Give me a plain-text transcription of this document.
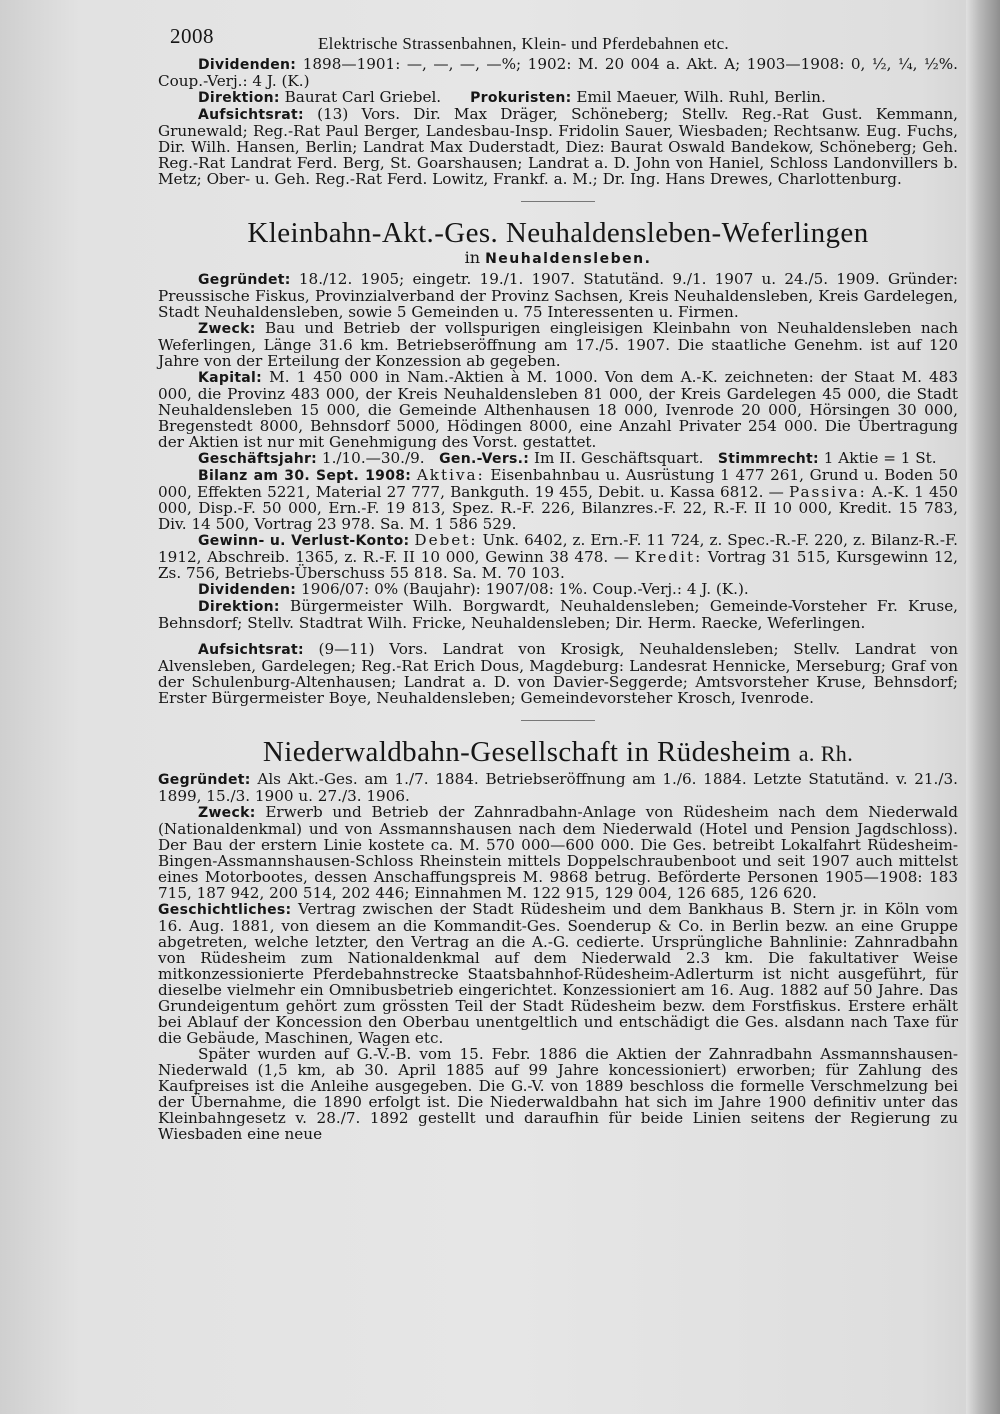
2008	Elektrische Strassenbahnen, Klein- und Pferdebahnen etc.

Dividenden: 1898—1901: —, —, —, —%; 1902: M. 20 004 a. Akt. A; 1903—1908: 0, ½, ¼, ½%. Coup.-Verj.: 4 J. (K.)

Direktion: Baurat Carl Griebel. Prokuristen: Emil Maeuer, Wilh. Ruhl, Berlin.

Aufsichtsrat: (13) Vors. Dir. Max Dräger, Schöneberg; Stellv. Reg.-Rat Gust. Kemmann, Grunewald; Reg.-Rat Paul Berger, Landesbau-Insp. Fridolin Sauer, Wiesbaden; Rechtsanw. Eug. Fuchs, Dir. Wilh. Hansen, Berlin; Landrat Max Duderstadt, Diez: Baurat Oswald Bandekow, Schöneberg; Geh. Reg.-Rat Landrat Ferd. Berg, St. Goarshausen; Landrat a. D. John von Haniel, Schloss Landonvillers b. Metz; Ober- u. Geh. Reg.-Rat Ferd. Lowitz, Frankf. a. M.; Dr. Ing. Hans Drewes, Charlottenburg.

Kleinbahn-Akt.-Ges. Neuhaldensleben-Weferlingen
in Neuhaldensleben.

Gegründet: 18./12. 1905; eingetr. 19./1. 1907. Statutänd. 9./1. 1907 u. 24./5. 1909. Gründer: Preussische Fiskus, Provinzialverband der Provinz Sachsen, Kreis Neuhaldensleben, Kreis Gardelegen, Stadt Neuhaldensleben, sowie 5 Gemeinden u. 75 Interessenten u. Firmen.

Zweck: Bau und Betrieb der vollspurigen eingleisigen Kleinbahn von Neuhaldensleben nach Weferlingen, Länge 31.6 km. Betriebseröffnung am 17./5. 1907. Die staatliche Genehm. ist auf 120 Jahre von der Erteilung der Konzession ab gegeben.

Kapital: M. 1 450 000 in Nam.-Aktien à M. 1000. Von dem A.-K. zeichneten: der Staat M. 483 000, die Provinz 483 000, der Kreis Neuhaldensleben 81 000, der Kreis Gardelegen 45 000, die Stadt Neuhaldensleben 15 000, die Gemeinde Althenhausen 18 000, Ivenrode 20 000, Hörsingen 30 000, Bregenstedt 8000, Behnsdorf 5000, Hödingen 8000, eine Anzahl Privater 254 000. Die Übertragung der Aktien ist nur mit Genehmigung des Vorst. gestattet.

Geschäftsjahr: 1./10.—30./9. Gen.-Vers.: Im II. Geschäftsquart. Stimmrecht: 1 Aktie = 1 St.

Bilanz am 30. Sept. 1908: Aktiva: Eisenbahnbau u. Ausrüstung 1 477 261, Grund u. Boden 50 000, Effekten 5221, Material 27 777, Bankguth. 19 455, Debit. u. Kassa 6812. — Passiva: A.-K. 1 450 000, Disp.-F. 50 000, Ern.-F. 19 813, Spez. R.-F. 226, Bilanzres.-F. 22, R.-F. II 10 000, Kredit. 15 783, Div. 14 500, Vortrag 23 978. Sa. M. 1 586 529.

Gewinn- u. Verlust-Konto: Debet: Unk. 6402, z. Ern.-F. 11 724, z. Spec.-R.-F. 220, z. Bilanz-R.-F. 1912, Abschreib. 1365, z. R.-F. II 10 000, Gewinn 38 478. — Kredit: Vortrag 31 515, Kursgewinn 12, Zs. 756, Betriebs-Überschuss 55 818. Sa. M. 70 103.

Dividenden: 1906/07: 0% (Baujahr): 1907/08: 1%. Coup.-Verj.: 4 J. (K.).

Direktion: Bürgermeister Wilh. Borgwardt, Neuhaldensleben; Gemeinde-Vorsteher Fr. Kruse, Behnsdorf; Stellv. Stadtrat Wilh. Fricke, Neuhaldensleben; Dir. Herm. Raecke, Weferlingen.

Aufsichtsrat: (9—11) Vors. Landrat von Krosigk, Neuhaldensleben; Stellv. Landrat von Alvensleben, Gardelegen; Reg.-Rat Erich Dous, Magdeburg: Landesrat Hennicke, Merseburg; Graf von der Schulenburg-Altenhausen; Landrat a. D. von Davier-Seggerde; Amtsvorsteher Kruse, Behnsdorf; Erster Bürgermeister Boye, Neuhaldensleben; Gemeindevorsteher Krosch, Ivenrode.

Niederwaldbahn-Gesellschaft in Rüdesheim a. Rh.

Gegründet: Als Akt.-Ges. am 1./7. 1884. Betriebseröffnung am 1./6. 1884. Letzte Statutänd. v. 21./3. 1899, 15./3. 1900 u. 27./3. 1906.

Zweck: Erwerb und Betrieb der Zahnradbahn-Anlage von Rüdesheim nach dem Niederwald (Nationaldenkmal) und von Assmannshausen nach dem Niederwald (Hotel und Pension Jagdschloss). Der Bau der erstern Linie kostete ca. M. 570 000—600 000. Die Ges. betreibt Lokalfahrt Rüdesheim-Bingen-Assmannshausen-Schloss Rheinstein mittels Doppelschraubenboot und seit 1907 auch mittelst eines Motorbootes, dessen Anschaffungspreis M. 9868 betrug. Beförderte Personen 1905—1908: 183 715, 187 942, 200 514, 202 446; Einnahmen M. 122 915, 129 004, 126 685, 126 620.

Geschichtliches: Vertrag zwischen der Stadt Rüdesheim und dem Bankhaus B. Stern jr. in Köln vom 16. Aug. 1881, von diesem an die Kommandit-Ges. Soenderup & Co. in Berlin bezw. an eine Gruppe abgetreten, welche letzter, den Vertrag an die A.-G. cedierte. Ursprüngliche Bahnlinie: Zahnradbahn von Rüdesheim zum Nationaldenkmal auf dem Niederwald 2.3 km. Die fakultativer Weise mitkonzessionierte Pferdebahnstrecke Staatsbahnhof-Rüdesheim-Adlerturm ist nicht ausgeführt, für dieselbe vielmehr ein Omnibusbetrieb eingerichtet. Konzessioniert am 16. Aug. 1882 auf 50 Jahre. Das Grundeigentum gehört zum grössten Teil der Stadt Rüdesheim bezw. dem Forstfiskus. Erstere erhält bei Ablauf der Koncession den Oberbau unentgeltlich und entschädigt die Ges. alsdann nach Taxe für die Gebäude, Maschinen, Wagen etc.

Später wurden auf G.-V.-B. vom 15. Febr. 1886 die Aktien der Zahnradbahn Assmannshausen-Niederwald (1,5 km, ab 30. April 1885 auf 99 Jahre koncessioniert) erworben; für Zahlung des Kaufpreises ist die Anleihe ausgegeben. Die G.-V. von 1889 beschloss die formelle Verschmelzung bei der Übernahme, die 1890 erfolgt ist. Die Niederwaldbahn hat sich im Jahre 1900 definitiv unter das Kleinbahngesetz v. 28./7. 1892 gestellt und daraufhin für beide Linien seitens der Regierung zu Wiesbaden eine neue
